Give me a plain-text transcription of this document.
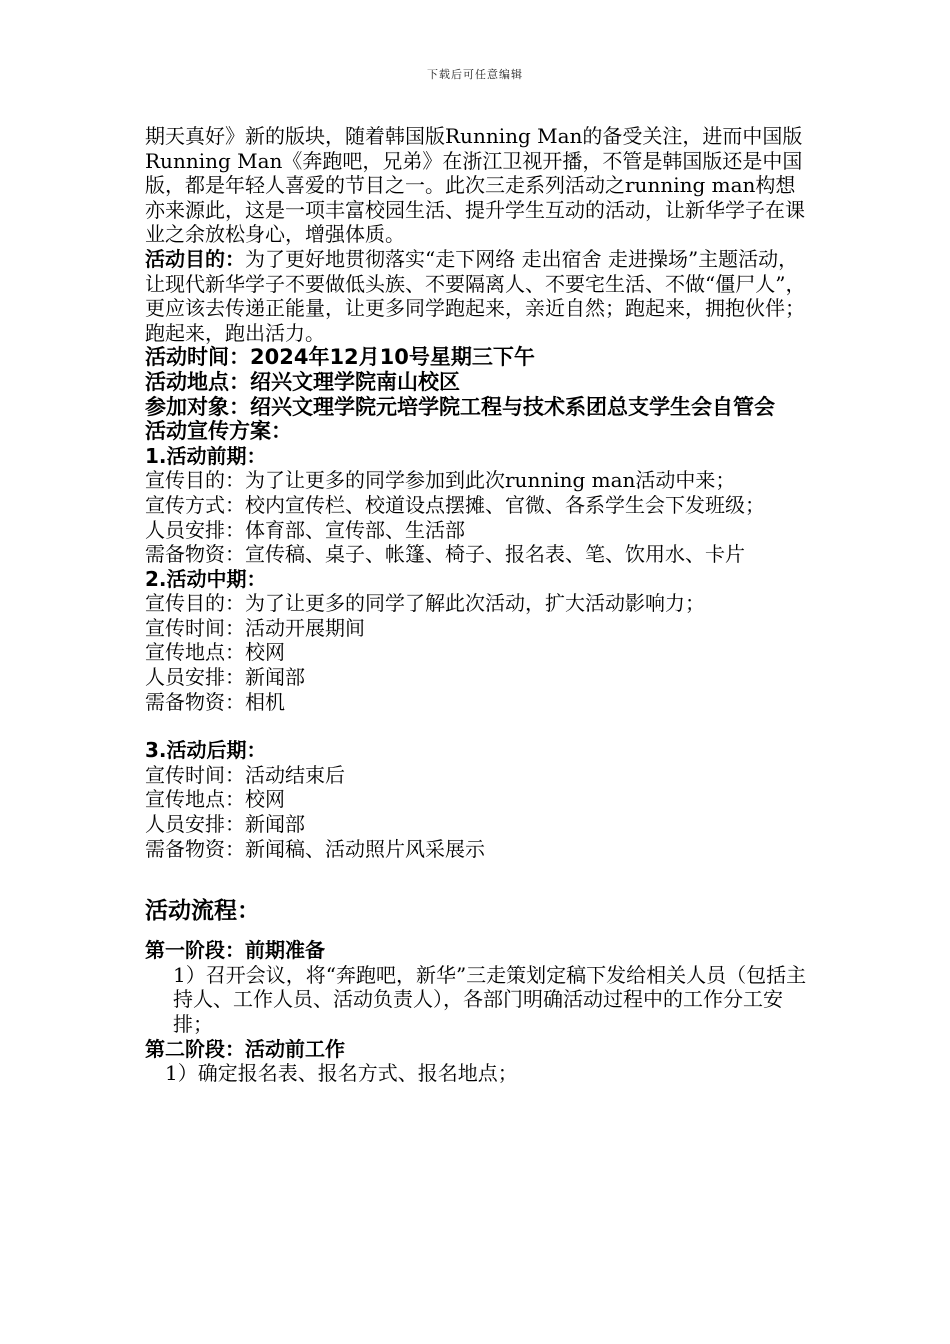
下载后可任意编辑

期天真好》新的版块，随着韩国版Running Man的备受关注，进而中国版Running Man《奔跑吧，兄弟》在浙江卫视开播，不管是韩国版还是中国版，都是年轻人喜爱的节目之一。此次三走系列活动之running man构想亦来源此，这是一项丰富校园生活、提升学生互动的活动，让新华学子在课业之余放松身心，增强体质。

活动目的：为了更好地贯彻落实“走下网络 走出宿舍 走进操场”主题活动，让现代新华学子不要做低头族、不要隔离人、不要宅生活、不做“僵尸人”，更应该去传递正能量，让更多同学跑起来，亲近自然；跑起来，拥抱伙伴；跑起来，跑出活力。

活动时间：2024年12月10号星期三下午

活动地点：绍兴文理学院南山校区

参加对象：绍兴文理学院元培学院工程与技术系团总支学生会自管会

活动宣传方案：

1.活动前期：

宣传目的：为了让更多的同学参加到此次running man活动中来；

宣传方式：校内宣传栏、校道设点摆摊、官微、各系学生会下发班级；

人员安排：体育部、宣传部、生活部

需备物资：宣传稿、桌子、帐篷、椅子、报名表、笔、饮用水、卡片

2.活动中期：

宣传目的：为了让更多的同学了解此次活动，扩大活动影响力；

宣传时间：活动开展期间

宣传地点：校网

人员安排：新闻部

需备物资：相机

3.活动后期：

宣传时间：活动结束后

宣传地点：校网

人员安排：新闻部

需备物资：新闻稿、活动照片风采展示

活动流程：

第一阶段：前期准备

1）召开会议，将“奔跑吧，新华”三走策划定稿下发给相关人员（包括主持人、工作人员、活动负责人），各部门明确活动过程中的工作分工安排；

第二阶段：活动前工作

1）确定报名表、报名方式、报名地点；
